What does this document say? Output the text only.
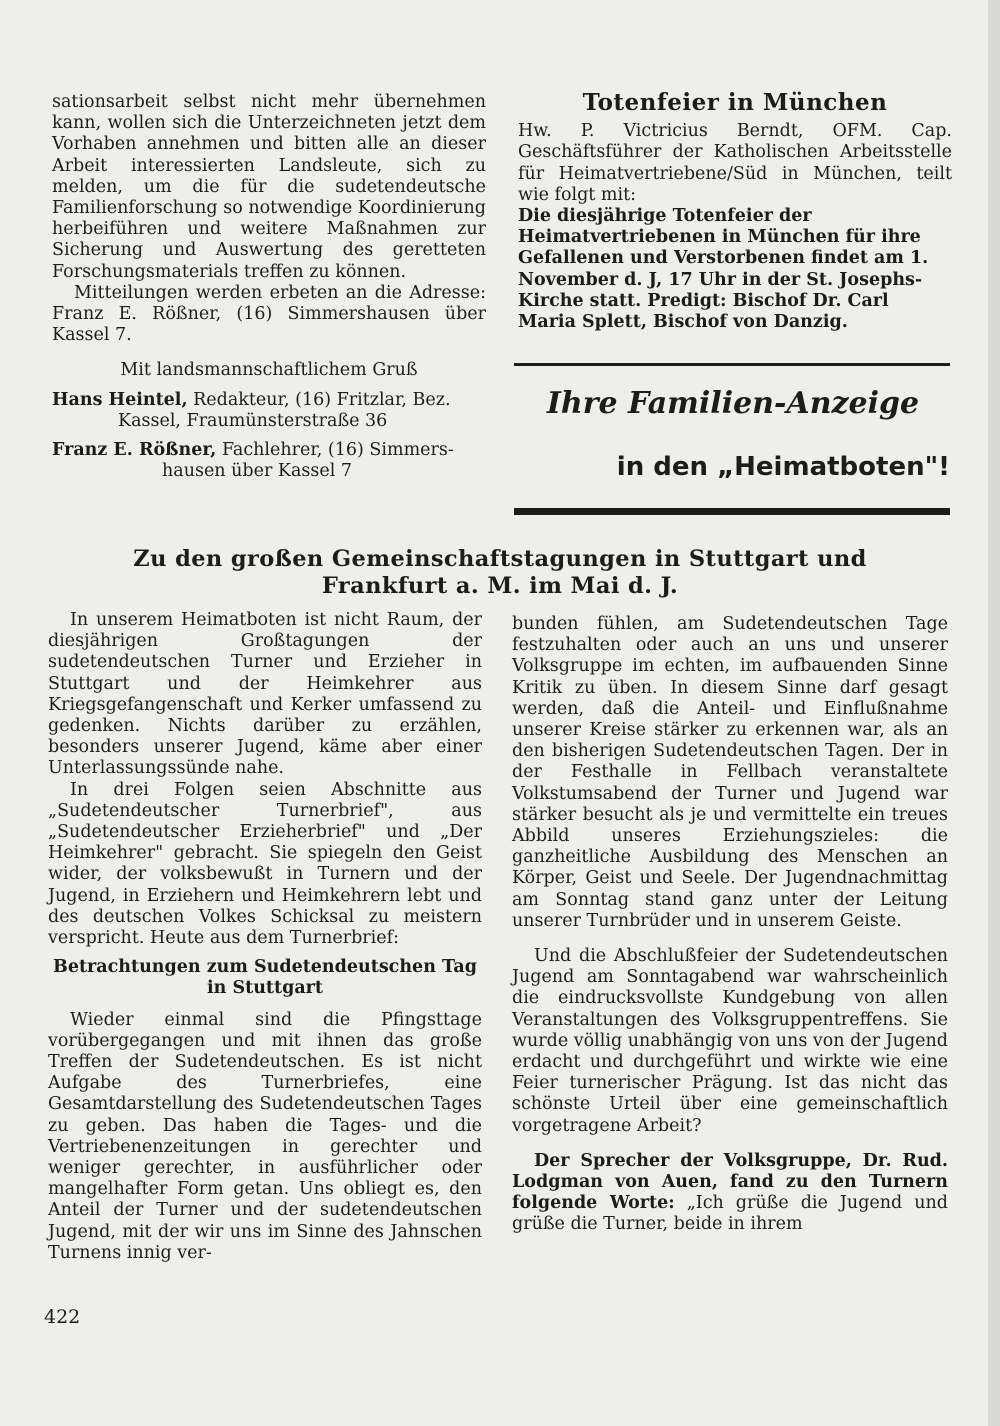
sationsarbeit selbst nicht mehr übernehmen kann, wollen sich die Unterzeichneten jetzt dem Vorhaben annehmen und bitten alle an dieser Arbeit interessierten Landsleute, sich zu melden, um die für die sudetendeutsche Familienforschung so notwendige Koordinierung herbeiführen und weitere Maßnahmen zur Sicherung und Auswertung des geretteten Forschungsmaterials treffen zu können.

Mitteilungen werden erbeten an die Adresse: Franz E. Rößner, (16) Simmershausen über Kassel 7.

Mit landsmannschaftlichem Gruß

Hans Heintel, Redakteur, (16) Fritzlar, Bez.
Kassel, Fraumünsterstraße 36
Franz E. Rößner, Fachlehrer, (16) Simmers-
hausen über Kassel 7
Totenfeier in München

Hw. P. Victricius Berndt, OFM. Cap. Geschäftsführer der Katholischen Arbeitsstelle für Heimatvertriebene/Süd in München, teilt wie folgt mit:

Die diesjährige Totenfeier der Heimatvertriebenen in München für ihre Gefallenen und Verstorbenen findet am 1. November d. J, 17 Uhr in der St. Josephs-Kirche statt. Predigt: Bischof Dr. Carl Maria Splett, Bischof von Danzig.

Ihre Familien-Anzeige
in den „Heimatboten"!
Zu den großen Gemeinschaftstagungen in Stuttgart und
Frankfurt a. M. im Mai d. J.

In unserem Heimatboten ist nicht Raum, der diesjährigen Großtagungen der sudetendeutschen Turner und Erzieher in Stuttgart und der Heimkehrer aus Kriegsgefangenschaft und Kerker umfassend zu gedenken. Nichts darüber zu erzählen, besonders unserer Jugend, käme aber einer Unterlassungssünde nahe.

In drei Folgen seien Abschnitte aus „Sudetendeutscher Turnerbrief", aus „Sudetendeutscher Erzieherbrief" und „Der Heimkehrer" gebracht. Sie spiegeln den Geist wider, der volksbewußt in Turnern und der Jugend, in Erziehern und Heimkehrern lebt und des deutschen Volkes Schicksal zu meistern verspricht. Heute aus dem Turnerbrief:

Betrachtungen zum Sudetendeutschen Tag in Stuttgart

Wieder einmal sind die Pfingsttage vorübergegangen und mit ihnen das große Treffen der Sudetendeutschen. Es ist nicht Aufgabe des Turnerbriefes, eine Gesamtdarstellung des Sudetendeutschen Tages zu geben. Das haben die Tages- und die Vertriebenenzeitungen in gerechter und weniger gerechter, in ausführlicher oder mangelhafter Form getan. Uns obliegt es, den Anteil der Turner und der sudetendeutschen Jugend, mit der wir uns im Sinne des Jahnschen Turnens innig ver-

bunden fühlen, am Sudetendeutschen Tage festzuhalten oder auch an uns und unserer Volksgruppe im echten, im aufbauenden Sinne Kritik zu üben. In diesem Sinne darf gesagt werden, daß die Anteil- und Einflußnahme unserer Kreise stärker zu erkennen war, als an den bisherigen Sudetendeutschen Tagen. Der in der Festhalle in Fellbach veranstaltete Volkstumsabend der Turner und Jugend war stärker besucht als je und vermittelte ein treues Abbild unseres Erziehungszieles: die ganzheitliche Ausbildung des Menschen an Körper, Geist und Seele. Der Jugendnachmittag am Sonntag stand ganz unter der Leitung unserer Turnbrüder und in unserem Geiste.

Und die Abschlußfeier der Sudetendeutschen Jugend am Sonntagabend war wahrscheinlich die eindrucksvollste Kundgebung von allen Veranstaltungen des Volksgruppentreffens. Sie wurde völlig unabhängig von uns von der Jugend erdacht und durchgeführt und wirkte wie eine Feier turnerischer Prägung. Ist das nicht das schönste Urteil über eine gemeinschaftlich vorgetragene Arbeit?

Der Sprecher der Volksgruppe, Dr. Rud. Lodgman von Auen, fand zu den Turnern folgende Worte: „Ich grüße die Jugend und grüße die Turner, beide in ihrem

422
